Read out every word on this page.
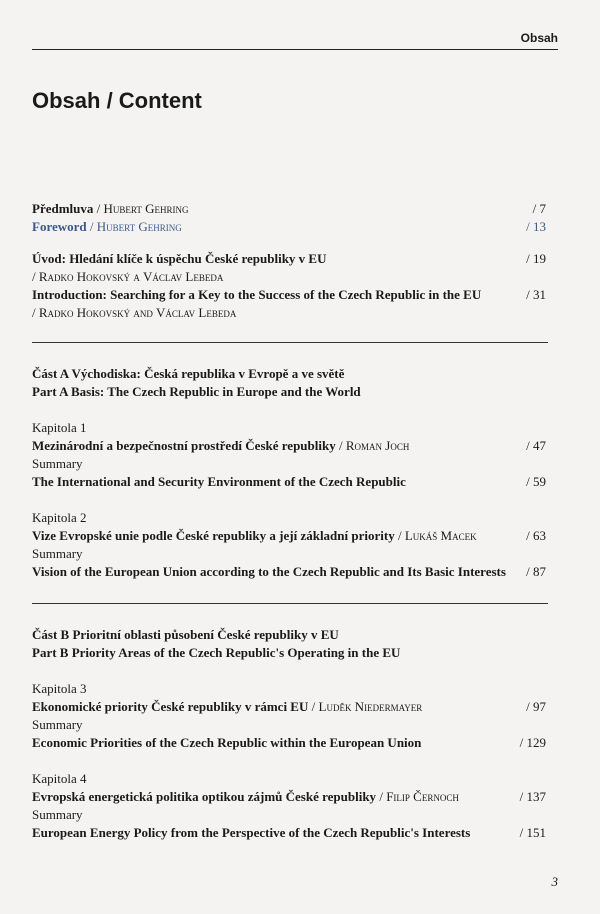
Obsah
Obsah / Content
Předmluva / Hubert Gehring	/ 7
Foreword / Hubert Gehring	/ 13
Úvod: Hledání klíče k úspěchu České republiky v EU	/ 19
/ Radko Hokovský a Václav Lebeda
Introduction: Searching for a Key to the Success of the Czech Republic in the EU	/ 31
/ Radko Hokovský and Václav Lebeda
Část A Východiska: Česká republika v Evropě a ve světě
Part A Basis: The Czech Republic in Europe and the World
Kapitola 1
Mezinárodní a bezpečnostní prostředí České republiky / Roman Joch	/ 47
Summary
The International and Security Environment of the Czech Republic	/ 59
Kapitola 2
Vize Evropské unie podle České republiky a její základní priority / Lukáš Macek	/ 63
Summary
Vision of the European Union according to the Czech Republic and Its Basic Interests / 87
Část B Prioritní oblasti působení České republiky v EU
Part B Priority Areas of the Czech Republic's Operating in the EU
Kapitola 3
Ekonomické priority České republiky v rámci EU / Luděk Niedermayer	/ 97
Summary
Economic Priorities of the Czech Republic within the European Union	/ 129
Kapitola 4
Evropská energetická politika optikou zájmů České republiky / Filip Černoch	/ 137
Summary
European Energy Policy from the Perspective of the Czech Republic's Interests	/ 151
3
